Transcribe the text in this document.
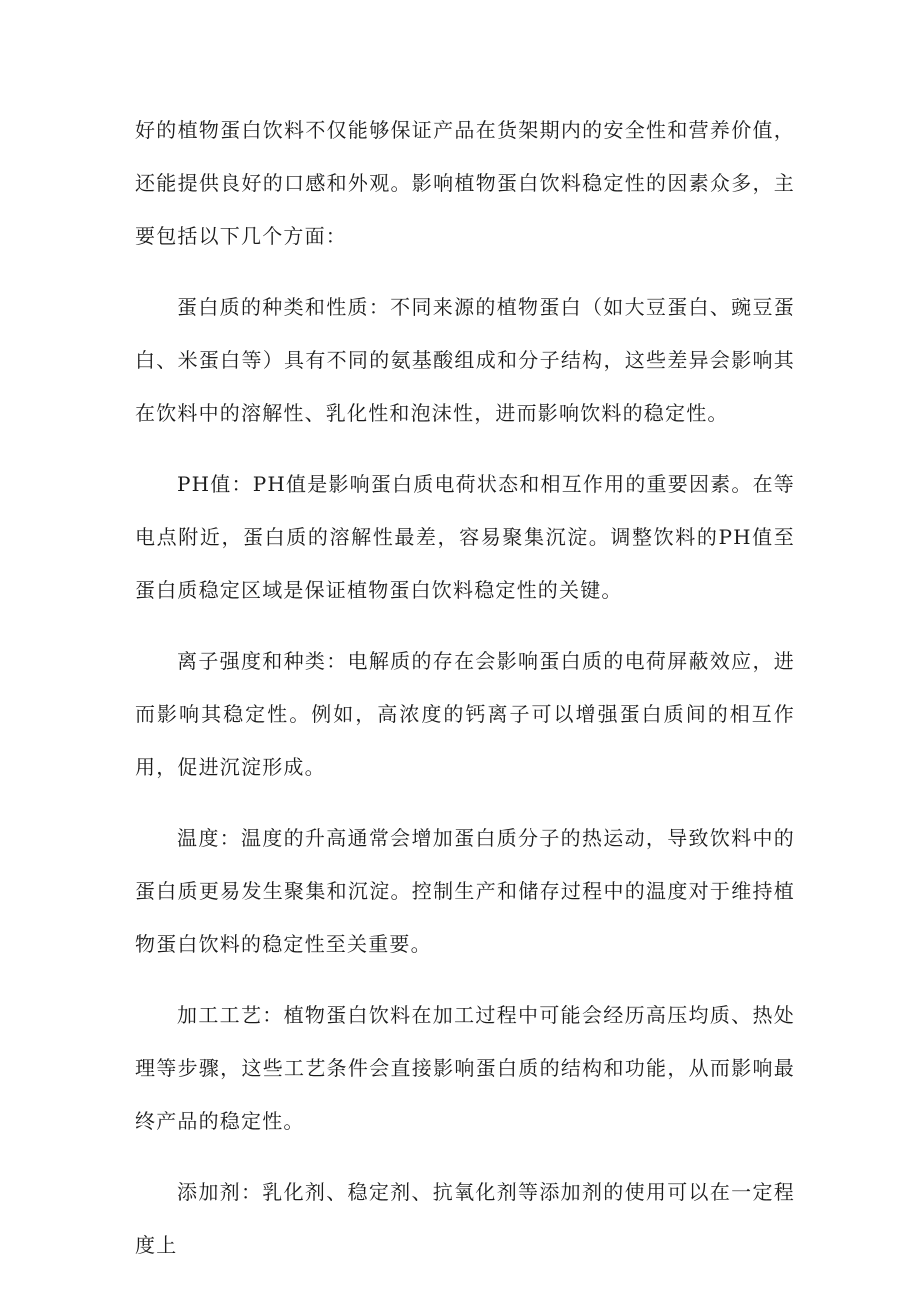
好的植物蛋白饮料不仅能够保证产品在货架期内的安全性和营养价值，还能提供良好的口感和外观。影响植物蛋白饮料稳定性的因素众多，主要包括以下几个方面：

蛋白质的种类和性质：不同来源的植物蛋白（如大豆蛋白、豌豆蛋白、米蛋白等）具有不同的氨基酸组成和分子结构，这些差异会影响其在饮料中的溶解性、乳化性和泡沫性，进而影响饮料的稳定性。

PH值：PH值是影响蛋白质电荷状态和相互作用的重要因素。在等电点附近，蛋白质的溶解性最差，容易聚集沉淀。调整饮料的PH值至蛋白质稳定区域是保证植物蛋白饮料稳定性的关键。

离子强度和种类：电解质的存在会影响蛋白质的电荷屏蔽效应，进而影响其稳定性。例如，高浓度的钙离子可以增强蛋白质间的相互作用，促进沉淀形成。

温度：温度的升高通常会增加蛋白质分子的热运动，导致饮料中的蛋白质更易发生聚集和沉淀。控制生产和储存过程中的温度对于维持植物蛋白饮料的稳定性至关重要。

加工工艺：植物蛋白饮料在加工过程中可能会经历高压均质、热处理等步骤，这些工艺条件会直接影响蛋白质的结构和功能，从而影响最终产品的稳定性。

添加剂：乳化剂、稳定剂、抗氧化剂等添加剂的使用可以在一定程度上
